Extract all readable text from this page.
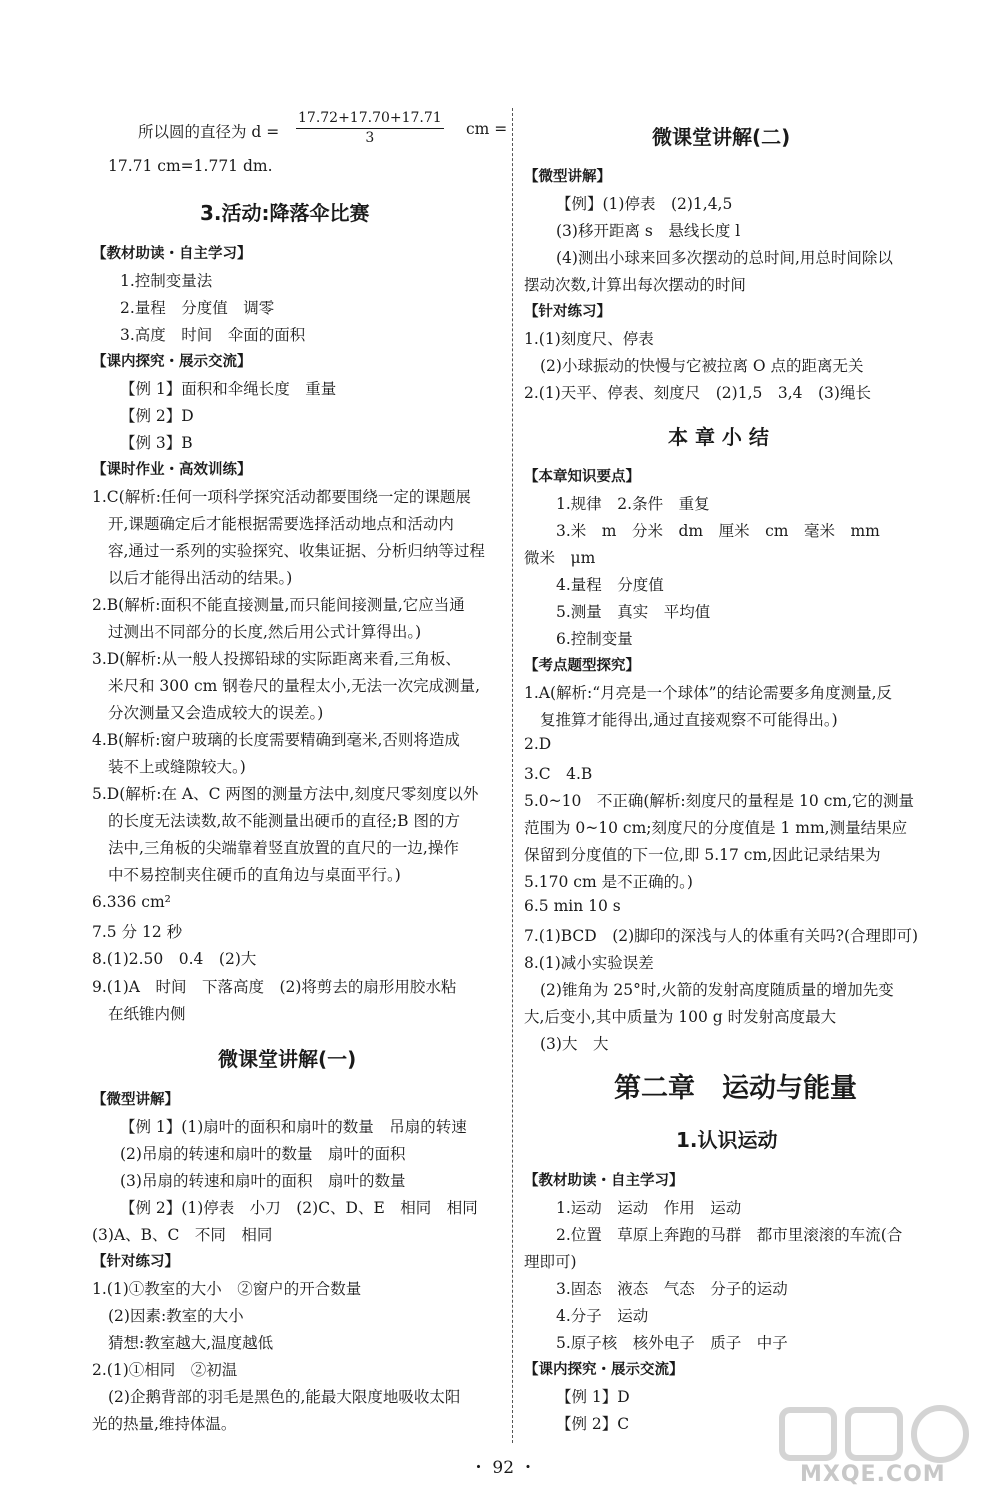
所以圆的直径为 $d = \frac{17.72+17.70+17.71}{3}$ cm =
17.71 cm=1.771 dm.
3.活动:降落伞比赛
【教材助读・自主学习】
1.控制变量法
2.量程　分度值　调零
3.高度　时间　伞面的面积
【课内探究・展示交流】
【例 1】面积和伞绳长度　重量
【例 2】D
【例 3】B
【课时作业・高效训练】
1.C(解析:任何一项科学探究活动都要围绕一定的课题展
开,课题确定后才能根据需要选择活动地点和活动内
容,通过一系列的实验探究、收集证据、分析归纳等过程
以后才能得出活动的结果。)
2.B(解析:面积不能直接测量,而只能间接测量,它应当通
过测出不同部分的长度,然后用公式计算得出。)
3.D(解析:从一般人投掷铅球的实际距离来看,三角板、
米尺和 300 cm 钢卷尺的量程太小,无法一次完成测量,
分次测量又会造成较大的误差。)
4.B(解析:窗户玻璃的长度需要精确到毫米,否则将造成
装不上或缝隙较大。)
5.D(解析:在 A、C 两图的测量方法中,刻度尺零刻度以外
的长度无法读数,故不能测量出硬币的直径;B 图的方
法中,三角板的尖端靠着竖直放置的直尺的一边,操作
中不易控制夹住硬币的直角边与桌面平行。)
6.336 cm²
7.5 分 12 秒
8.(1)2.50　0.4　(2)大
9.(1)A　时间　下落高度　(2)将剪去的扇形用胶水粘
在纸锥内侧
微课堂讲解(一)
【微型讲解】
【例 1】(1)扇叶的面积和扇叶的数量　吊扇的转速
(2)吊扇的转速和扇叶的数量　扇叶的面积
(3)吊扇的转速和扇叶的面积　扇叶的数量
【例 2】(1)停表　小刀　(2)C、D、E　相同　相同
(3)A、B、C　不同　相同
【针对练习】
1.(1)①教室的大小　②窗户的开合数量
(2)因素:教室的大小
猜想:教室越大,温度越低
2.(1)①相同　②初温
(2)企鹅背部的羽毛是黑色的,能最大限度地吸收太阳
光的热量,维持体温。
微课堂讲解(二)
【微型讲解】
【例】(1)停表　(2)1,4,5
(3)移开距离 s　悬线长度 l
(4)测出小球来回多次摆动的总时间,用总时间除以
摆动次数,计算出每次摆动的时间
【针对练习】
1.(1)刻度尺、停表
(2)小球振动的快慢与它被拉离 O 点的距离无关
2.(1)天平、停表、刻度尺　(2)1,5　3,4　(3)绳长
本 章 小 结
【本章知识要点】
1.规律　2.条件　重复
3.米　m　分米　dm　厘米　cm　毫米　mm
微米　μm
4.量程　分度值
5.测量　真实　平均值
6.控制变量
【考点题型探究】
1.A(解析:“月亮是一个球体”的结论需要多角度测量,反
复推算才能得出,通过直接观察不可能得出。)
2.D
3.C　4.B
5.0~10　不正确(解析:刻度尺的量程是 10 cm,它的测量
范围为 0~10 cm;刻度尺的分度值是 1 mm,测量结果应
保留到分度值的下一位,即 5.17 cm,因此记录结果为
5.170 cm 是不正确的。)
6.5 min 10 s
7.(1)BCD　(2)脚印的深浅与人的体重有关吗?(合理即可)
8.(1)减小实验误差
(2)锥角为 25°时,火箭的发射高度随质量的增加先变
大,后变小,其中质量为 100 g 时发射高度最大
(3)大　大
第二章　运动与能量
1.认识运动
【教材助读・自主学习】
1.运动　运动　作用　运动
2.位置　草原上奔跑的马群　都市里滚滚的车流(合
理即可)
3.固态　液态　气态　分子的运动
4.分子　运动
5.原子核　核外电子　质子　中子
【课内探究・展示交流】
【例 1】D
【例 2】C
・ 92 ・	MXQE.COM
